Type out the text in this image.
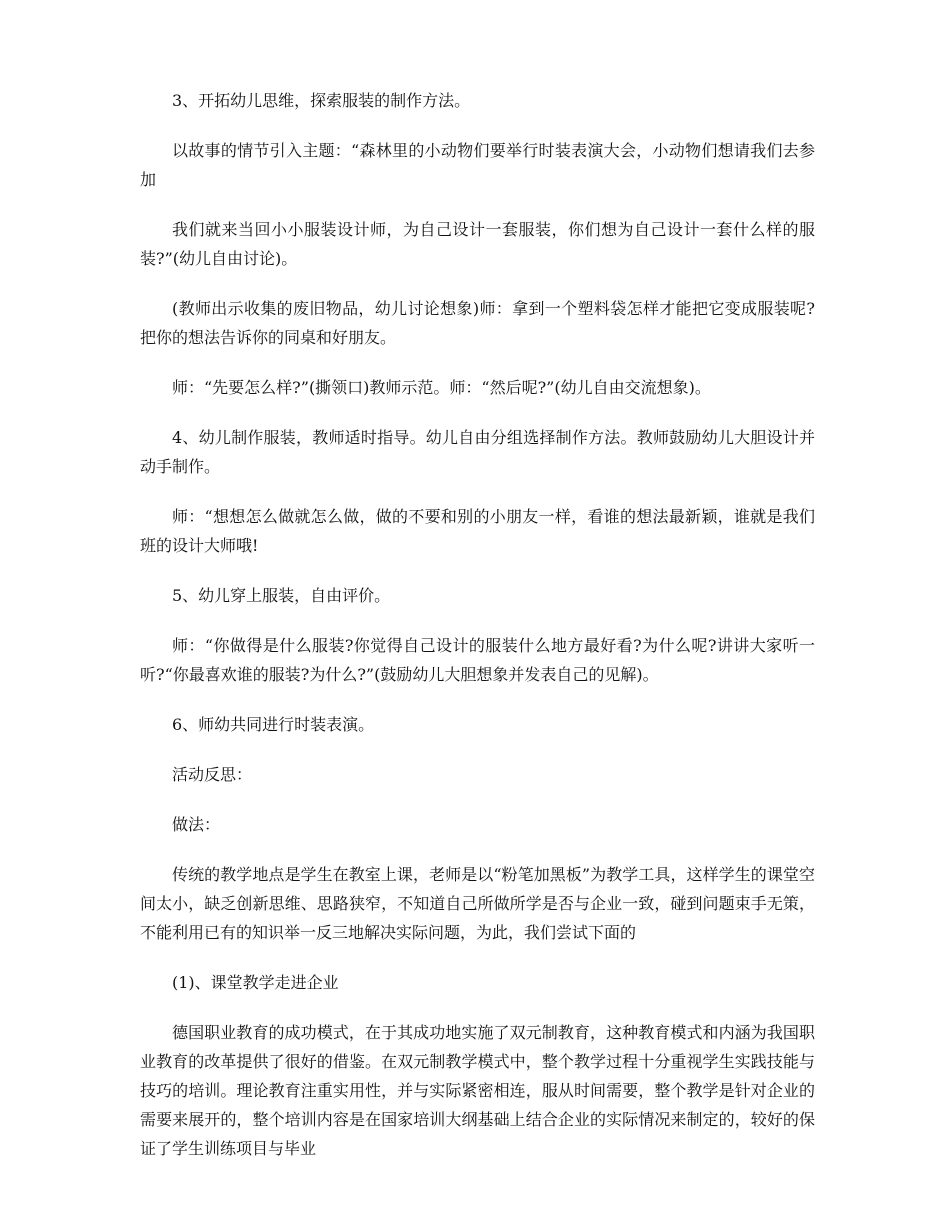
3、开拓幼儿思维，探索服装的制作方法。

以故事的情节引入主题：“森林里的小动物们要举行时装表演大会，小动物们想请我们去参加

我们就来当回小小服装设计师，为自己设计一套服装，你们想为自己设计一套什么样的服装?”(幼儿自由讨论)。

(教师出示收集的废旧物品，幼儿讨论想象)师：拿到一个塑料袋怎样才能把它变成服装呢?把你的想法告诉你的同桌和好朋友。

师：“先要怎么样?”(撕领口)教师示范。师：“然后呢?”(幼儿自由交流想象)。

4、幼儿制作服装，教师适时指导。幼儿自由分组选择制作方法。教师鼓励幼儿大胆设计并动手制作。

师：“想想怎么做就怎么做，做的不要和别的小朋友一样，看谁的想法最新颖，谁就是我们班的设计大师哦!

5、幼儿穿上服装，自由评价。

师：“你做得是什么服装?你觉得自己设计的服装什么地方最好看?为什么呢?讲讲大家听一听?“你最喜欢谁的服装?为什么?”(鼓励幼儿大胆想象并发表自己的见解)。

6、师幼共同进行时装表演。

活动反思：

做法：

传统的教学地点是学生在教室上课，老师是以“粉笔加黑板”为教学工具，这样学生的课堂空间太小，缺乏创新思维、思路狭窄，不知道自己所做所学是否与企业一致，碰到问题束手无策，不能利用已有的知识举一反三地解决实际问题，为此，我们尝试下面的

(1)、课堂教学走进企业

德国职业教育的成功模式，在于其成功地实施了双元制教育，这种教育模式和内涵为我国职业教育的改革提供了很好的借鉴。在双元制教学模式中，整个教学过程十分重视学生实践技能与技巧的培训。理论教育注重实用性，并与实际紧密相连，服从时间需要，整个教学是针对企业的需要来展开的，整个培训内容是在国家培训大纲基础上结合企业的实际情况来制定的，较好的保证了学生训练项目与毕业
